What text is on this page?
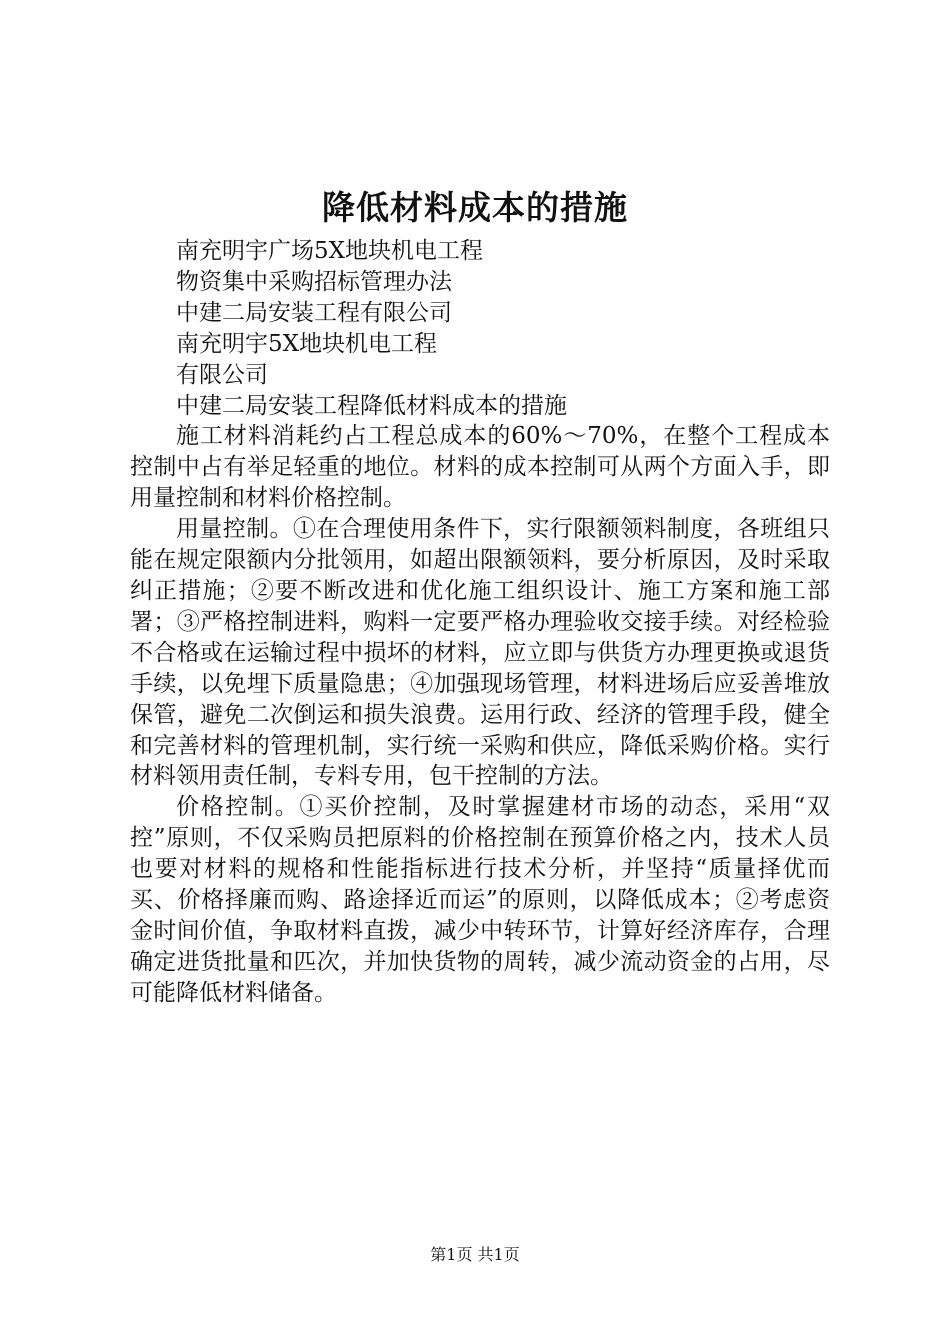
降低材料成本的措施

南充明宇广场5X地块机电工程

物资集中采购招标管理办法

中建二局安装工程有限公司

南充明宇5X地块机电工程

有限公司

中建二局安装工程降低材料成本的措施

施工材料消耗约占工程总成本的60%～70%，在整个工程成本控制中占有举足轻重的地位。材料的成本控制可从两个方面入手，即用量控制和材料价格控制。

用量控制。①在合理使用条件下，实行限额领料制度，各班组只能在规定限额内分批领用，如超出限额领料，要分析原因，及时采取纠正措施；②要不断改进和优化施工组织设计、施工方案和施工部署；③严格控制进料，购料一定要严格办理验收交接手续。对经检验不合格或在运输过程中损坏的材料，应立即与供货方办理更换或退货手续，以免埋下质量隐患；④加强现场管理，材料进场后应妥善堆放保管，避免二次倒运和损失浪费。运用行政、经济的管理手段，健全和完善材料的管理机制，实行统一采购和供应，降低采购价格。实行材料领用责任制，专料专用，包干控制的方法。

价格控制。①买价控制，及时掌握建材市场的动态，采用“双控”原则，不仅采购员把原料的价格控制在预算价格之内，技术人员也要对材料的规格和性能指标进行技术分析，并坚持“质量择优而买、价格择廉而购、路途择近而运”的原则，以降低成本；②考虑资金时间价值，争取材料直拨，减少中转环节，计算好经济库存，合理确定进货批量和匹次，并加快货物的周转，减少流动资金的占用，尽可能降低材料储备。

第1页 共1页
